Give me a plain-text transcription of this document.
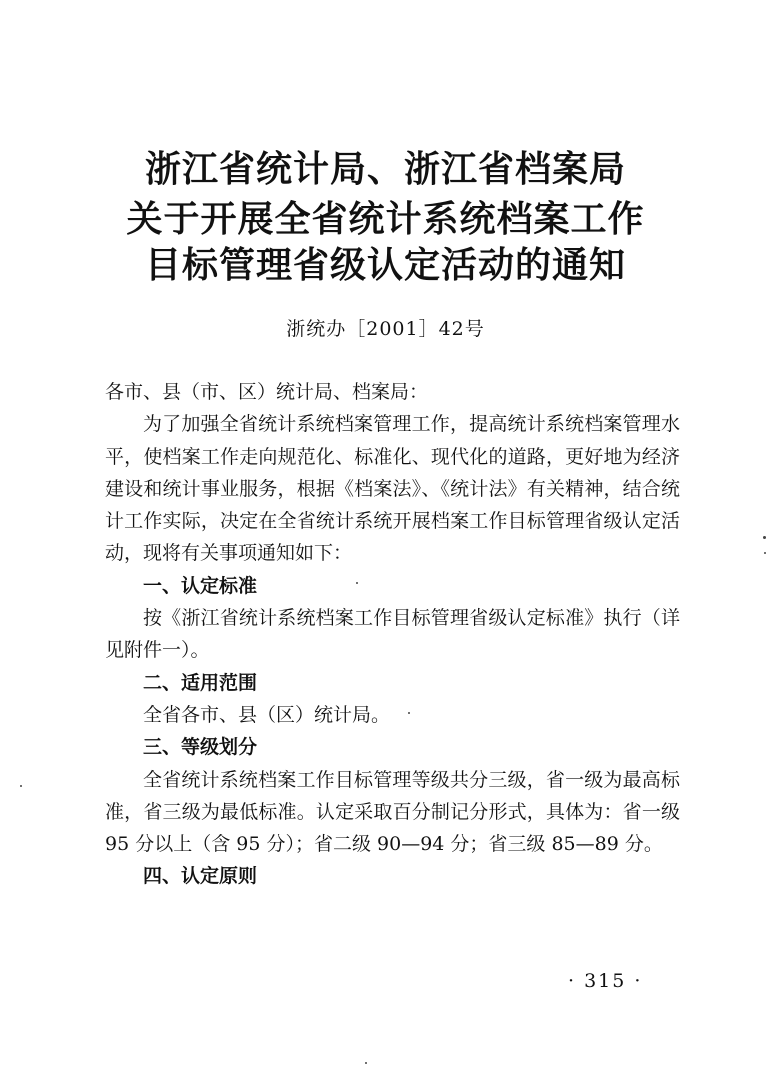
浙江省统计局、浙江省档案局
关于开展全省统计系统档案工作
目标管理省级认定活动的通知
浙统办［2001］42号

各市、县（市、区）统计局、档案局：

为了加强全省统计系统档案管理工作，提高统计系统档案管理水平，使档案工作走向规范化、标准化、现代化的道路，更好地为经济建设和统计事业服务，根据《档案法》、《统计法》有关精神，结合统计工作实际，决定在全省统计系统开展档案工作目标管理省级认定活动，现将有关事项通知如下：

一、认定标准

按《浙江省统计系统档案工作目标管理省级认定标准》执行（详见附件一）。

二、适用范围

全省各市、县（区）统计局。

三、等级划分

全省统计系统档案工作目标管理等级共分三级，省一级为最高标准，省三级为最低标准。认定采取百分制记分形式，具体为：省一级 95 分以上（含 95 分）；省二级 90—94 分；省三级 85—89 分。

四、认定原则

· 315 ·
